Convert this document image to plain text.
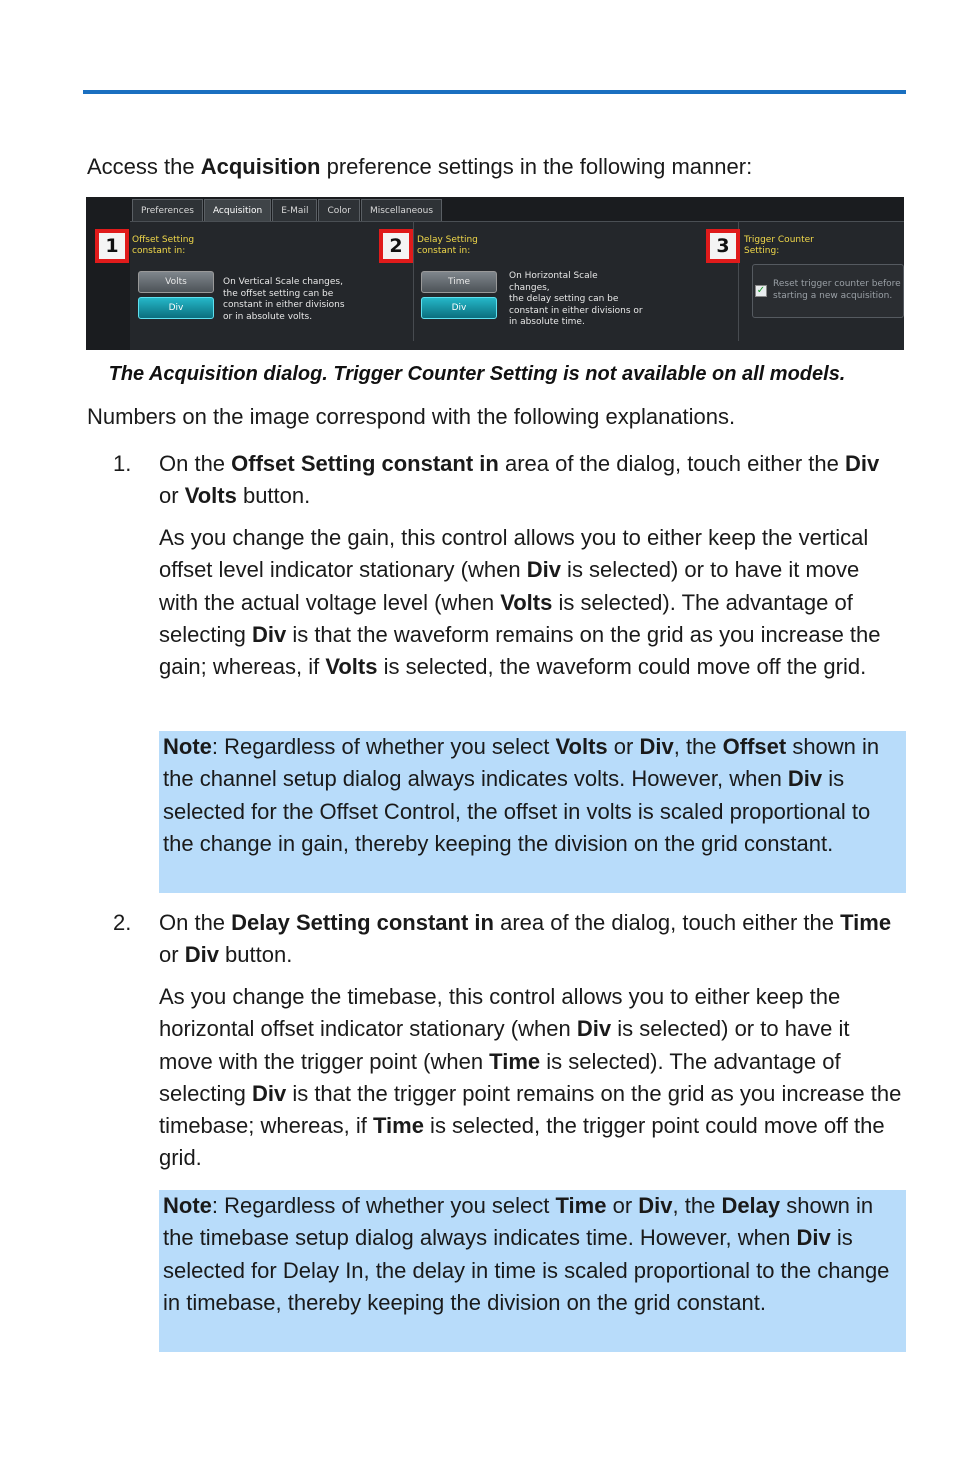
Access the Acquisition preference settings in the following manner:

Preferences	Acquisition	E-Mail	Color	Miscellaneous
1	Offset Setting
constant in:
Volts
Div
On Vertical Scale changes,
the offset setting can be
constant in either divisions
or in absolute volts.
2	Delay Setting
constant in:
Time
Div
On Horizontal Scale
changes,
the delay setting can be
constant in either divisions or
in absolute time.
3	Trigger Counter
Setting:
✓
Reset trigger counter before
starting a new acquisition.
The Acquisition dialog. Trigger Counter Setting is not available on all models.

Numbers on the image correspond with the following explanations.

1. On the Offset Setting constant in area of the dialog, touch either the Div or Volts button.

As you change the gain, this control allows you to either keep the vertical offset level indicator stationary (when Div is selected) or to have it move with the actual voltage level (when Volts is selected). The advantage of selecting Div is that the waveform remains on the grid as you increase the gain; whereas, if Volts is selected, the waveform could move off the grid.

Note: Regardless of whether you select Volts or Div, the Offset shown in the channel setup dialog always indicates volts. However, when Div is selected for the Offset Control, the offset in volts is scaled proportional to the change in gain, thereby keeping the division on the grid constant.

2. On the Delay Setting constant in area of the dialog, touch either the Time or Div button.

As you change the timebase, this control allows you to either keep the horizontal offset indicator stationary (when Div is selected) or to have it move with the trigger point (when Time is selected). The advantage of selecting Div is that the trigger point remains on the grid as you increase the timebase; whereas, if Time is selected, the trigger point could move off the grid.

Note: Regardless of whether you select Time or Div, the Delay shown in the timebase setup dialog always indicates time. However, when Div is selected for Delay In, the delay in time is scaled proportional to the change in timebase, thereby keeping the division on the grid constant.
